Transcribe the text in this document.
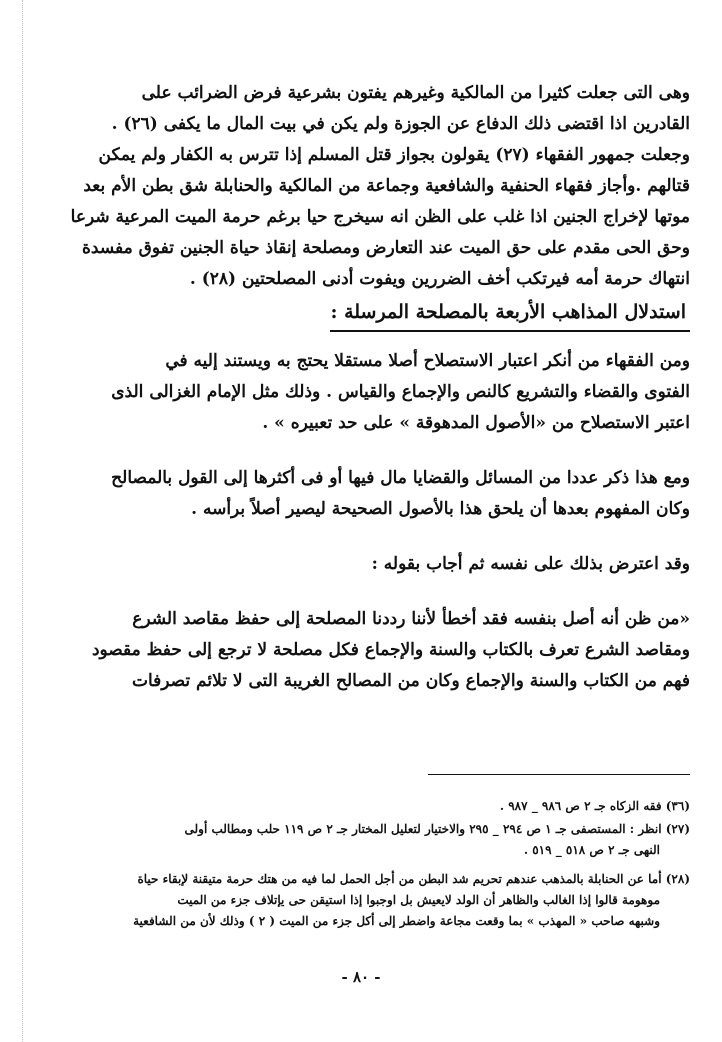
وهى التى جعلت كثيرا من المالكية وغيرهم يفتون بشرعية فرض الضرائب على

القادرين اذا اقتضى ذلك الدفاع عن الجوزة ولم يكن في بيت المال ما يكفى (٢٦) .

وجعلت جمهور الفقهاء (٢٧) يقولون بجواز قتل المسلم إذا تترس به الكفار ولم يمكن

قتالهم .وأجاز فقهاء الحنفية والشافعية وجماعة من المالكية والحنابلة شق بطن الأم بعد

موتها لإخراج الجنين اذا غلب على الظن انه سيخرج حيا برغم حرمة الميت المرعية شرعا

وحق الحى مقدم على حق الميت عند التعارض ومصلحة إنقاذ حياة الجنين تفوق مفسدة

انتهاك حرمة أمه فيرتكب أخف الضررين ويفوت أدنى المصلحتين (٢٨) .

استدلال المذاهب الأربعة بالمصلحة المرسلة :

ومن الفقهاء من أنكر اعتبار الاستصلاح أصلا مستقلا يحتج به ويستند إليه في

الفتوى والقضاء والتشريع كالنص والإجماع والقياس . وذلك مثل الإمام الغزالى الذى

اعتبر الاستصلاح من «الأصول المدهوقة » على حد تعبيره » .

ومع هذا ذكر عددا من المسائل والقضايا مال فيها أو فى أكثرها إلى القول بالمصالح

وكان المفهوم بعدها أن يلحق هذا بالأصول الصحيحة ليصير أصلاً برأسه .

وقد اعترض بذلك على نفسه ثم أجاب بقوله :

«من ظن أنه أصل بنفسه فقد أخطأ لأننا رددنا المصلحة إلى حفظ مقاصد الشرع

ومقاصد الشرع تعرف بالكتاب والسنة والإجماع فكل مصلحة لا ترجع إلى حفظ مقصود

فهم من الكتاب والسنة والإجماع وكان من المصالح الغريبة التى لا تلائم تصرفات

(٣٦) فقه الزكاه جـ ٢ ص ٩٨٦ _ ٩٨٧ .
(٢٧) انظر : المستصفى جـ ١ ص ٢٩٤ _ ٢٩٥ والاختيار لتعليل المختار جـ ٢ ص ١١٩ حلب ومطالب أولى
النهى جـ ٢ ص ٥١٨ _ ٥١٩ .
(٢٨) أما عن الحنابلة بالمذهب عندهم تحريم شد البطن من أجل الحمل لما فيه من هتك حرمة متيقنة لإبقاء حياة
موهومة قالوا إذا الغالب والظاهر أن الولد لايعيش بل اوجبوا إذا استيقن حى يإتلاف جزء من الميت
وشبهه صاحب « المهذب » بما وقعت مجاعة واضطر إلى أكل جزء من الميت ( ٢ ) وذلك لأن من الشافعية
- ٨٠ -
